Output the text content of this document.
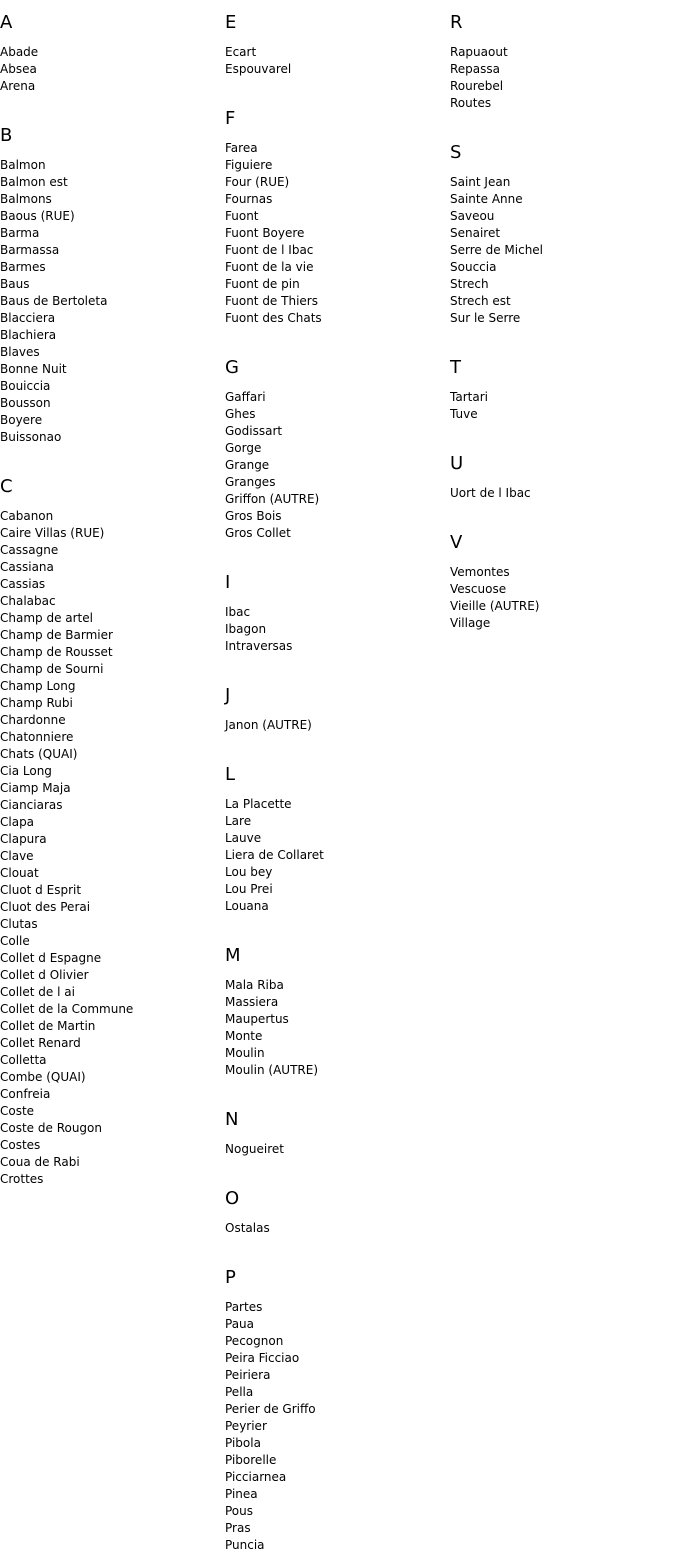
A
Abade
Absea
Arena
B
Balmon
Balmon est
Balmons
Baous (RUE)
Barma
Barmassa
Barmes
Baus
Baus de Bertoleta
Blacciera
Blachiera
Blaves
Bonne Nuit
Bouiccia
Bousson
Boyere
Buissonao
C
Cabanon
Caire Villas (RUE)
Cassagne
Cassiana
Cassias
Chalabac
Champ de artel
Champ de Barmier
Champ de Rousset
Champ de Sourni
Champ Long
Champ Rubi
Chardonne
Chatonniere
Chats (QUAI)
Cia Long
Ciamp Maja
Cianciaras
Clapa
Clapura
Clave
Clouat
Cluot d Esprit
Cluot des Perai
Clutas
Colle
Collet d Espagne
Collet d Olivier
Collet de l ai
Collet de la Commune
Collet de Martin
Collet Renard
Colletta
Combe (QUAI)
Confreia
Coste
Coste de Rougon
Costes
Coua de Rabi
Crottes
E
Ecart
Espouvarel
F
Farea
Figuiere
Four (RUE)
Fournas
Fuont
Fuont Boyere
Fuont de l Ibac
Fuont de la vie
Fuont de pin
Fuont de Thiers
Fuont des Chats
G
Gaffari
Ghes
Godissart
Gorge
Grange
Granges
Griffon (AUTRE)
Gros Bois
Gros Collet
I
Ibac
Ibagon
Intraversas
J
Janon (AUTRE)
L
La Placette
Lare
Lauve
Liera de Collaret
Lou bey
Lou Prei
Louana
M
Mala Riba
Massiera
Maupertus
Monte
Moulin
Moulin (AUTRE)
N
Nogueiret
O
Ostalas
P
Partes
Paua
Pecognon
Peira Ficciao
Peiriera
Pella
Perier de Griffo
Peyrier
Pibola
Piborelle
Picciarnea
Pinea
Pous
Pras
Puncia
R
Rapuaout
Repassa
Rourebel
Routes
S
Saint Jean
Sainte Anne
Saveou
Senairet
Serre de Michel
Souccia
Strech
Strech est
Sur le Serre
T
Tartari
Tuve
U
Uort de l Ibac
V
Vemontes
Vescuose
Vieille (AUTRE)
Village
